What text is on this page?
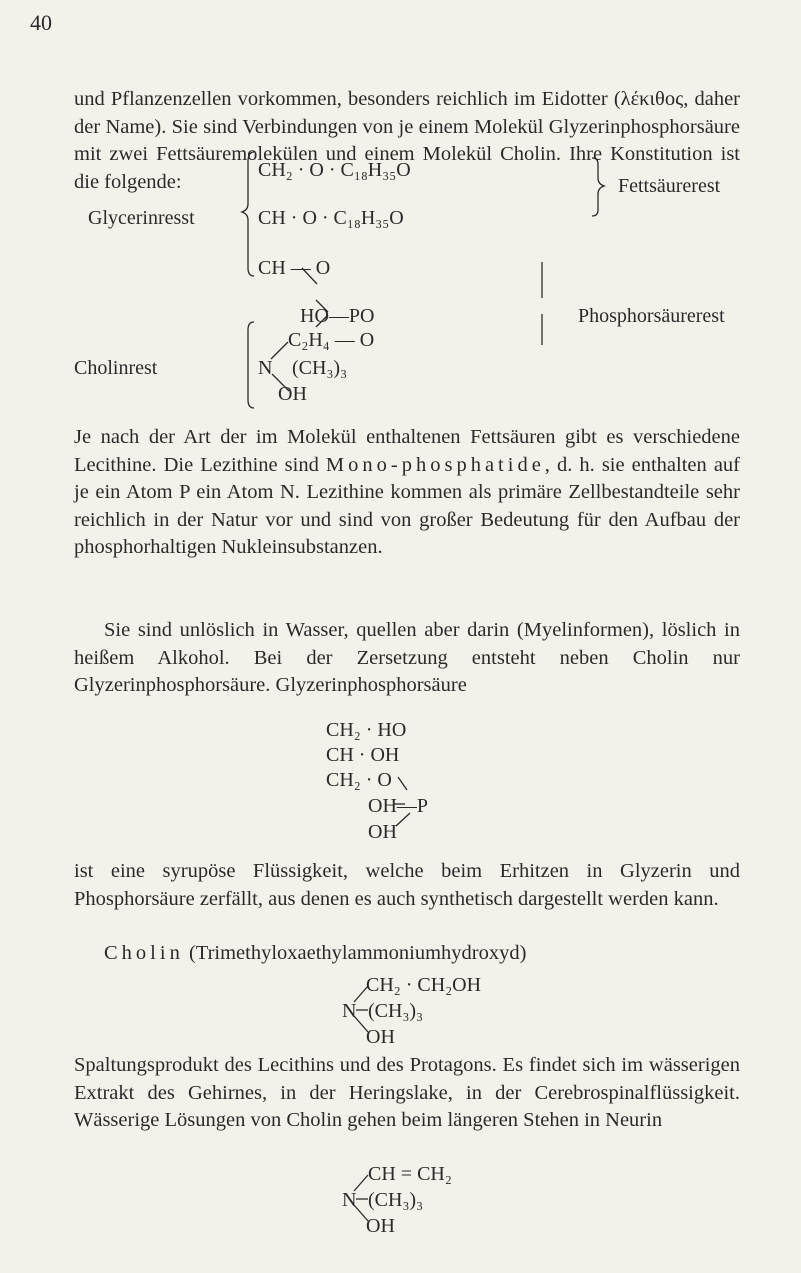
40

und Pflanzenzellen vorkommen, besonders reichlich im Eidotter (λέκιθος, daher der Name). Sie sind Verbindungen von je einem Molekül Glyzerinphosphorsäure mit zwei Fettsäuremolekülen und einem Molekül Cholin. Ihre Konstitution ist die folgende:

Glycerinresst
Fettsäurerest
Phosphorsäurerest
Cholinrest
CH₂ · O · C₁₈H₃₅O
CH · O · C₁₈H₃₅O
CH — O
HO—PO
C₂H₄ — O
N (CH₃)₃
OH

Je nach der Art der im Molekül enthaltenen Fettsäuren gibt es verschiedene Lecithine. Die Lezithine sind Mono-phosphatide, d. h. sie enthalten auf je ein Atom P ein Atom N. Lezithine kommen als primäre Zellbestandteile sehr reichlich in der Natur vor und sind von großer Bedeutung für den Aufbau der phosphorhaltigen Nukleinsubstanzen.

Sie sind unlöslich in Wasser, quellen aber darin (Myelinformen), löslich in heißem Alkohol. Bei der Zersetzung entsteht neben Cholin nur Glyzerinphosphorsäure. Glyzerinphosphorsäure

CH₂ · HO
CH · OH
CH₂ · O
OH—P
OH

ist eine syrupöse Flüssigkeit, welche beim Erhitzen in Glyzerin und Phosphorsäure zerfällt, aus denen es auch synthetisch dargestellt werden kann.

Cholin (Trimethyloxaethylammoniumhydroxyd)

CH₂ · CH₂OH
N (CH₃)₃
OH

Spaltungsprodukt des Lecithins und des Protagons. Es findet sich im wässerigen Extrakt des Gehirnes, in der Heringslake, in der Cerebrospinalflüssigkeit. Wässerige Lösungen von Cholin gehen beim längeren Stehen in Neurin

CH = CH₂
N (CH₃)₃
OH
